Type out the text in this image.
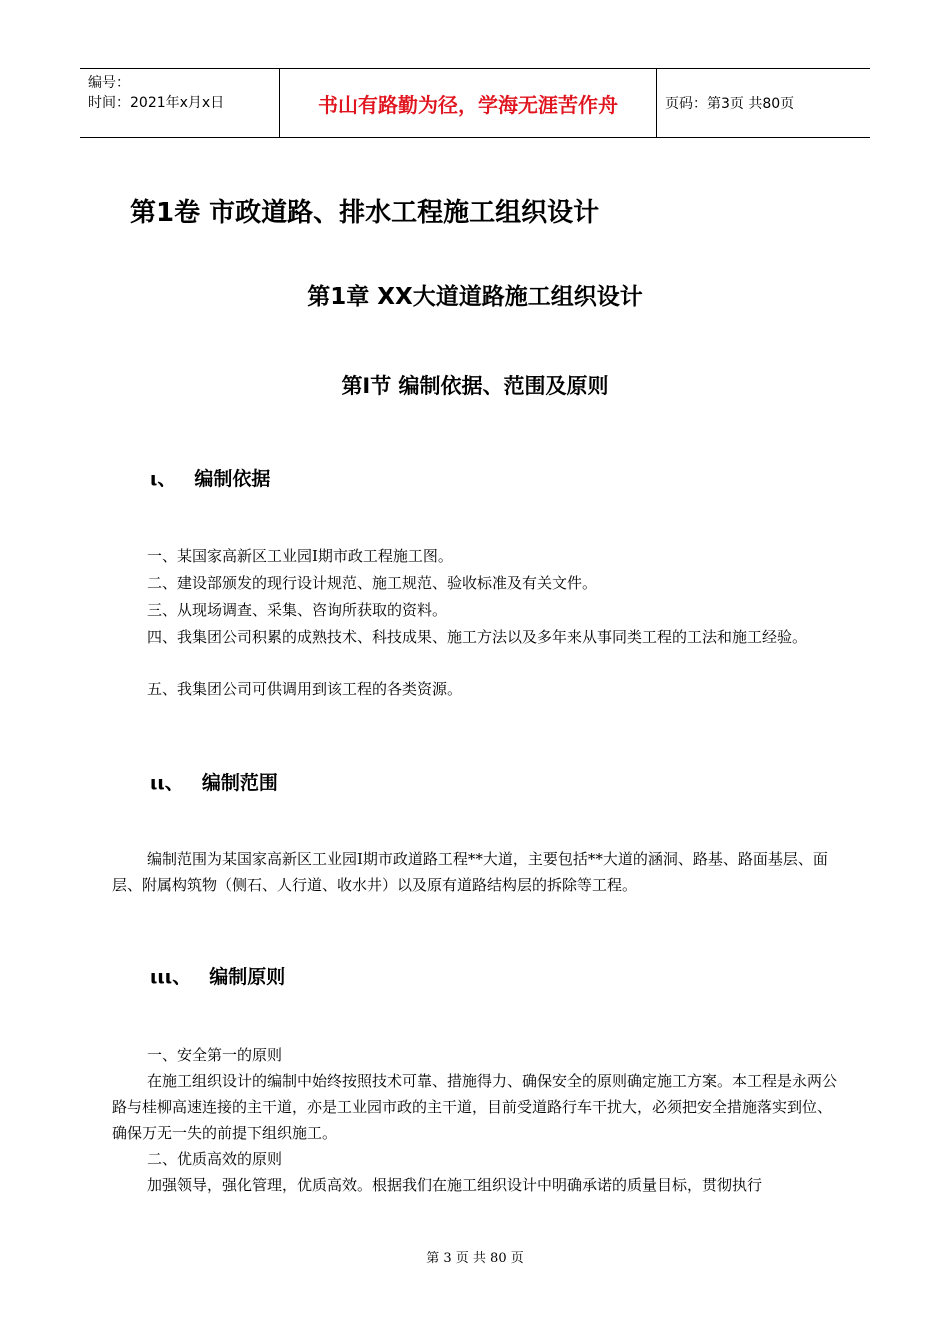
编号：
时间：2021年x月x日	书山有路勤为径，学海无涯苦作舟	页码：第3页 共80页
第1卷 市政道路、排水工程施工组织设计
第1章 XX大道道路施工组织设计
第Ⅰ节 编制依据、范围及原则
ι、 编制依据
一、某国家高新区工业园Ⅰ期市政工程施工图。
二、建设部颁发的现行设计规范、施工规范、验收标准及有关文件。
三、从现场调查、采集、咨询所获取的资料。
四、我集团公司积累的成熟技术、科技成果、施工方法以及多年来从事同类工程的工法和施工经验。
五、我集团公司可供调用到该工程的各类资源。
ιι、 编制范围
编制范围为某国家高新区工业园Ⅰ期市政道路工程**大道，主要包括**大道的涵洞、路基、路面基层、面层、附属构筑物（侧石、人行道、收水井）以及原有道路结构层的拆除等工程。
ιιι、 编制原则
一、安全第一的原则
在施工组织设计的编制中始终按照技术可靠、措施得力、确保安全的原则确定施工方案。本工程是永两公路与桂柳高速连接的主干道，亦是工业园市政的主干道，目前受道路行车干扰大，必须把安全措施落实到位、确保万无一失的前提下组织施工。
二、优质高效的原则
加强领导，强化管理，优质高效。根据我们在施工组织设计中明确承诺的质量目标，贯彻执行
第 3 页 共 80 页
